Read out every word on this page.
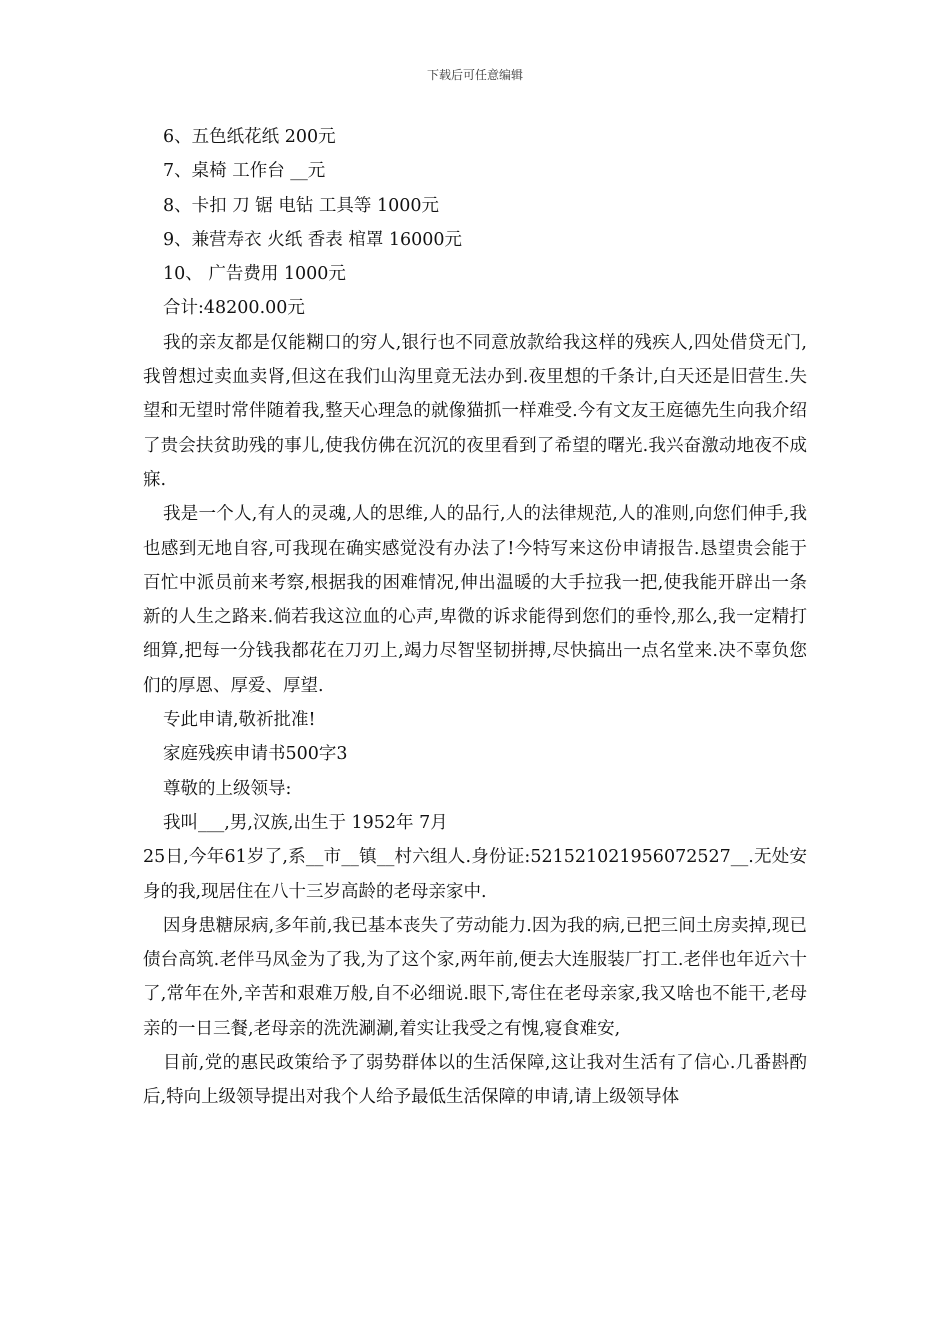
下载后可任意编辑
6、五色纸花纸 200元
7、桌椅 工作台 __元
8、卡扣 刀 锯 电钻 工具等 1000元
9、兼营寿衣 火纸 香表 棺罩 16000元
10、 广告费用 1000元
合计:48200.00元
我的亲友都是仅能糊口的穷人,银行也不同意放款给我这样的残疾人,四处借贷无门,我曾想过卖血卖肾,但这在我们山沟里竟无法办到.夜里想的千条计,白天还是旧营生.失望和无望时常伴随着我,整天心理急的就像猫抓一样难受.今有文友王庭德先生向我介绍了贵会扶贫助残的事儿,使我仿佛在沉沉的夜里看到了希望的曙光.我兴奋激动地夜不成寐.
我是一个人,有人的灵魂,人的思维,人的品行,人的法律规范,人的准则,向您们伸手,我也感到无地自容,可我现在确实感觉没有办法了!今特写来这份申请报告.恳望贵会能于百忙中派员前来考察,根据我的困难情况,伸出温暖的大手拉我一把,使我能开辟出一条新的人生之路来.倘若我这泣血的心声,卑微的诉求能得到您们的垂怜,那么,我一定精打细算,把每一分钱我都花在刀刃上,竭力尽智坚韧拼搏,尽快搞出一点名堂来.决不辜负您们的厚恩、厚爱、厚望.
专此申请,敬祈批准!
家庭残疾申请书500字3
尊敬的上级领导:
我叫___,男,汉族,出生于 1952年 7月
25日,今年61岁了,系__市__镇__村六组人.身份证:521521021956072527__.无处安身的我,现居住在八十三岁高龄的老母亲家中.
因身患糖尿病,多年前,我已基本丧失了劳动能力.因为我的病,已把三间土房卖掉,现已债台高筑.老伴马凤金为了我,为了这个家,两年前,便去大连服装厂打工.老伴也年近六十了,常年在外,辛苦和艰难万般,自不必细说.眼下,寄住在老母亲家,我又啥也不能干,老母亲的一日三餐,老母亲的洗洗涮涮,着实让我受之有愧,寝食难安,
目前,党的惠民政策给予了弱势群体以的生活保障,这让我对生活有了信心.几番斟酌后,特向上级领导提出对我个人给予最低生活保障的申请,请上级领导体
